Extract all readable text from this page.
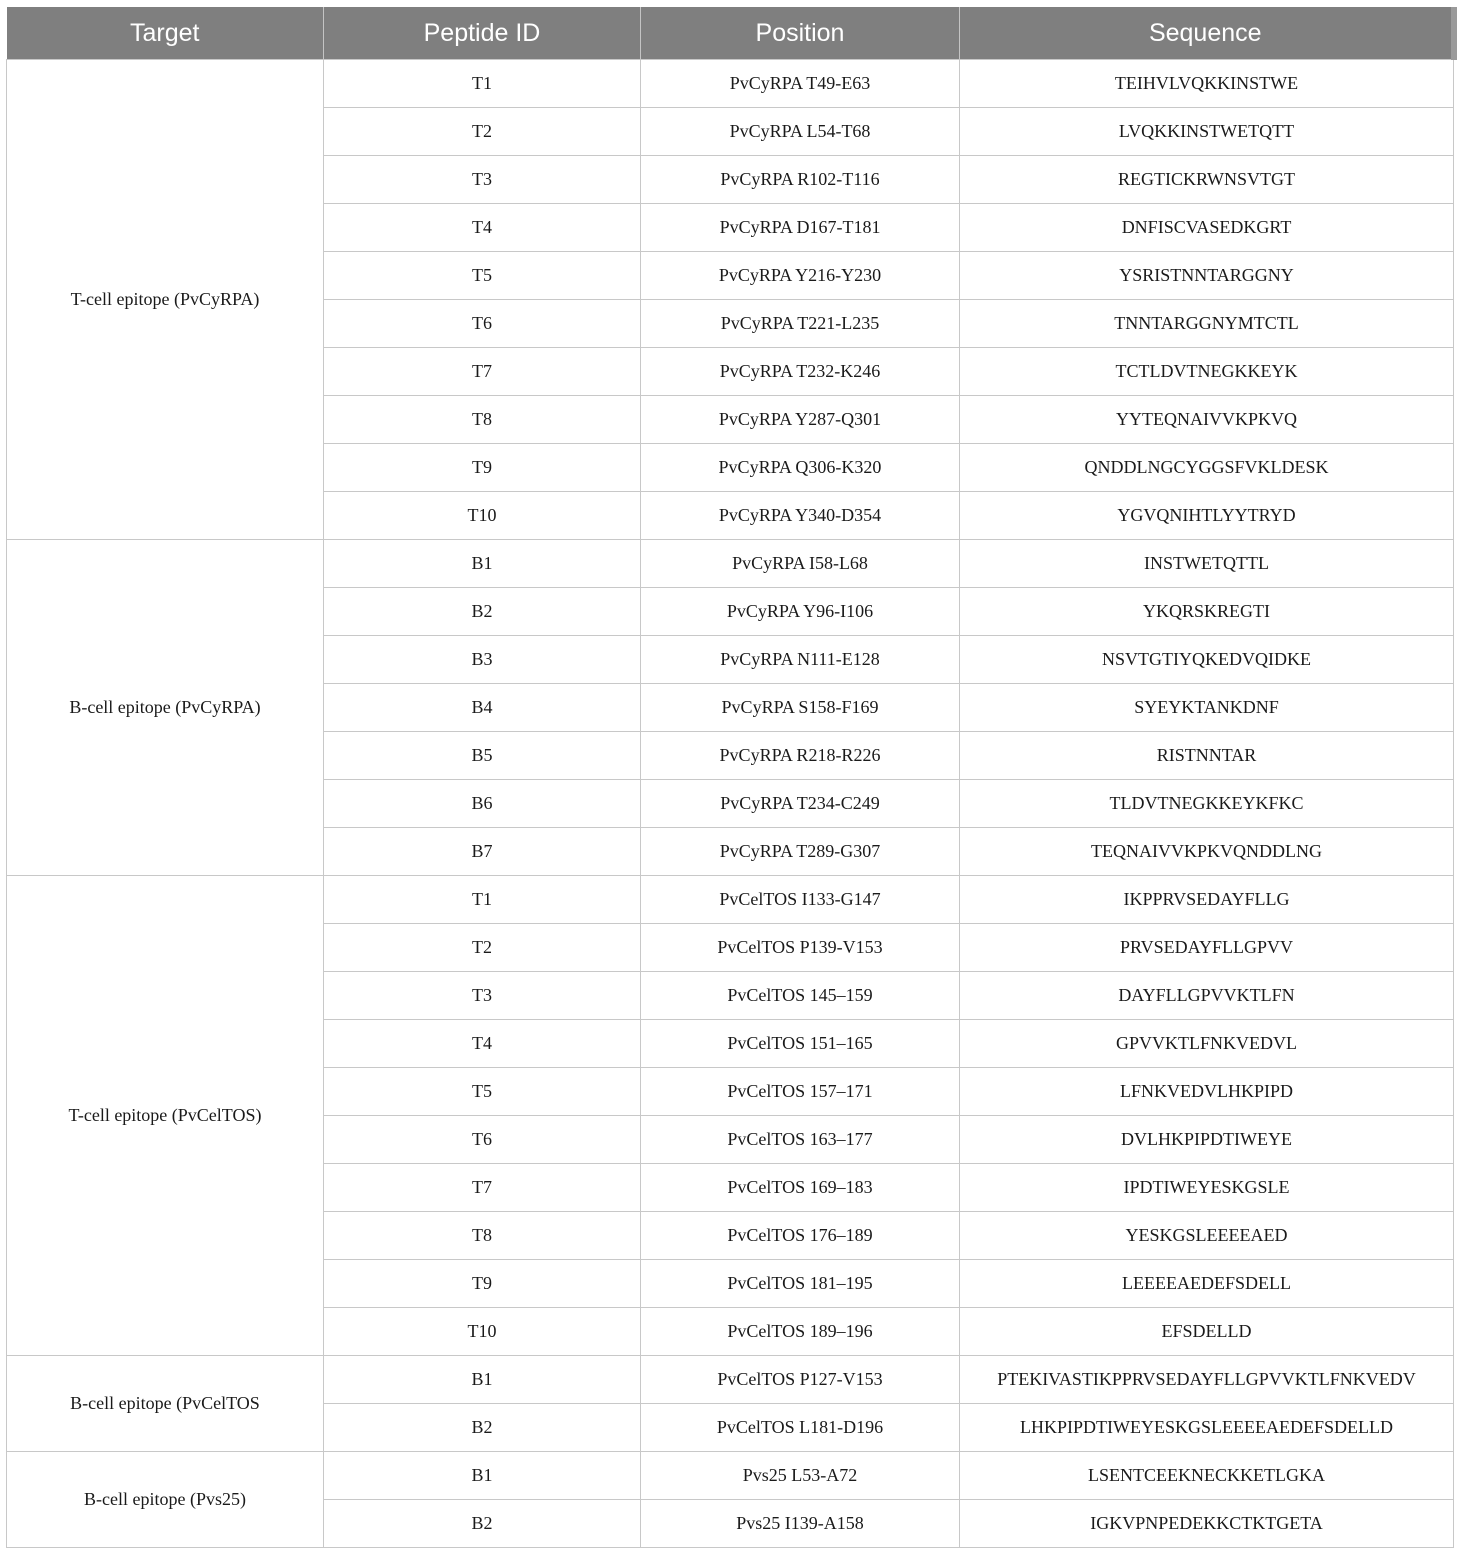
Target	Peptide ID	Position	Sequence
T-cell epitope (PvCyRPA)	T1	PvCyRPA T49-E63	TEIHVLVQKKINSTWE
	T2	PvCyRPA L54-T68	LVQKKINSTWETQTT
	T3	PvCyRPA R102-T116	REGTICKRWNSVTGT
	T4	PvCyRPA D167-T181	DNFISCVASEDKGRT
	T5	PvCyRPA Y216-Y230	YSRISTNNTARGGNY
	T6	PvCyRPA T221-L235	TNNTARGGNYMTCTL
	T7	PvCyRPA T232-K246	TCTLDVTNEGKKEYK
	T8	PvCyRPA Y287-Q301	YYTEQNAIVVKPKVQ
	T9	PvCyRPA Q306-K320	QNDDLNGCYGGSFVKLDESK
	T10	PvCyRPA Y340-D354	YGVQNIHTLYYTRYD
B-cell epitope (PvCyRPA)	B1	PvCyRPA I58-L68	INSTWETQTTL
	B2	PvCyRPA Y96-I106	YKQRSKREGTI
	B3	PvCyRPA N111-E128	NSVTGTIYQKEDVQIDKE
	B4	PvCyRPA S158-F169	SYEYKTANKDNF
	B5	PvCyRPA R218-R226	RISTNNTAR
	B6	PvCyRPA T234-C249	TLDVTNEGKKEYKFKC
	B7	PvCyRPA T289-G307	TEQNAIVVKPKVQNDDLNG
T-cell epitope (PvCelTOS)	T1	PvCelTOS I133-G147	IKPPRVSEDAYFLLG
	T2	PvCelTOS P139-V153	PRVSEDAYFLLGPVV
	T3	PvCelTOS 145–159	DAYFLLGPVVKTLFN
	T4	PvCelTOS 151–165	GPVVKTLFNKVEDVL
	T5	PvCelTOS 157–171	LFNKVEDVLHKPIPD
	T6	PvCelTOS 163–177	DVLHKPIPDTIWEYE
	T7	PvCelTOS 169–183	IPDTIWEYESKGSLE
	T8	PvCelTOS 176–189	YESKGSLEEEEAED
	T9	PvCelTOS 181–195	LEEEEAEDEFSDELL
	T10	PvCelTOS 189–196	EFSDELLD
B-cell epitope (PvCelTOS	B1	PvCelTOS P127-V153	PTEKIVASTIKPPRVSEDAYFLLGPVVKTLFNKVEDV
	B2	PvCelTOS L181-D196	LHKPIPDTIWEYESKGSLEEEEAEDEFSDELLD
B-cell epitope (Pvs25)	B1	Pvs25 L53-A72	LSENTCEEKNECKKETLGKA
	B2	Pvs25 I139-A158	IGKVPNPEDEKKCTKTGETA
